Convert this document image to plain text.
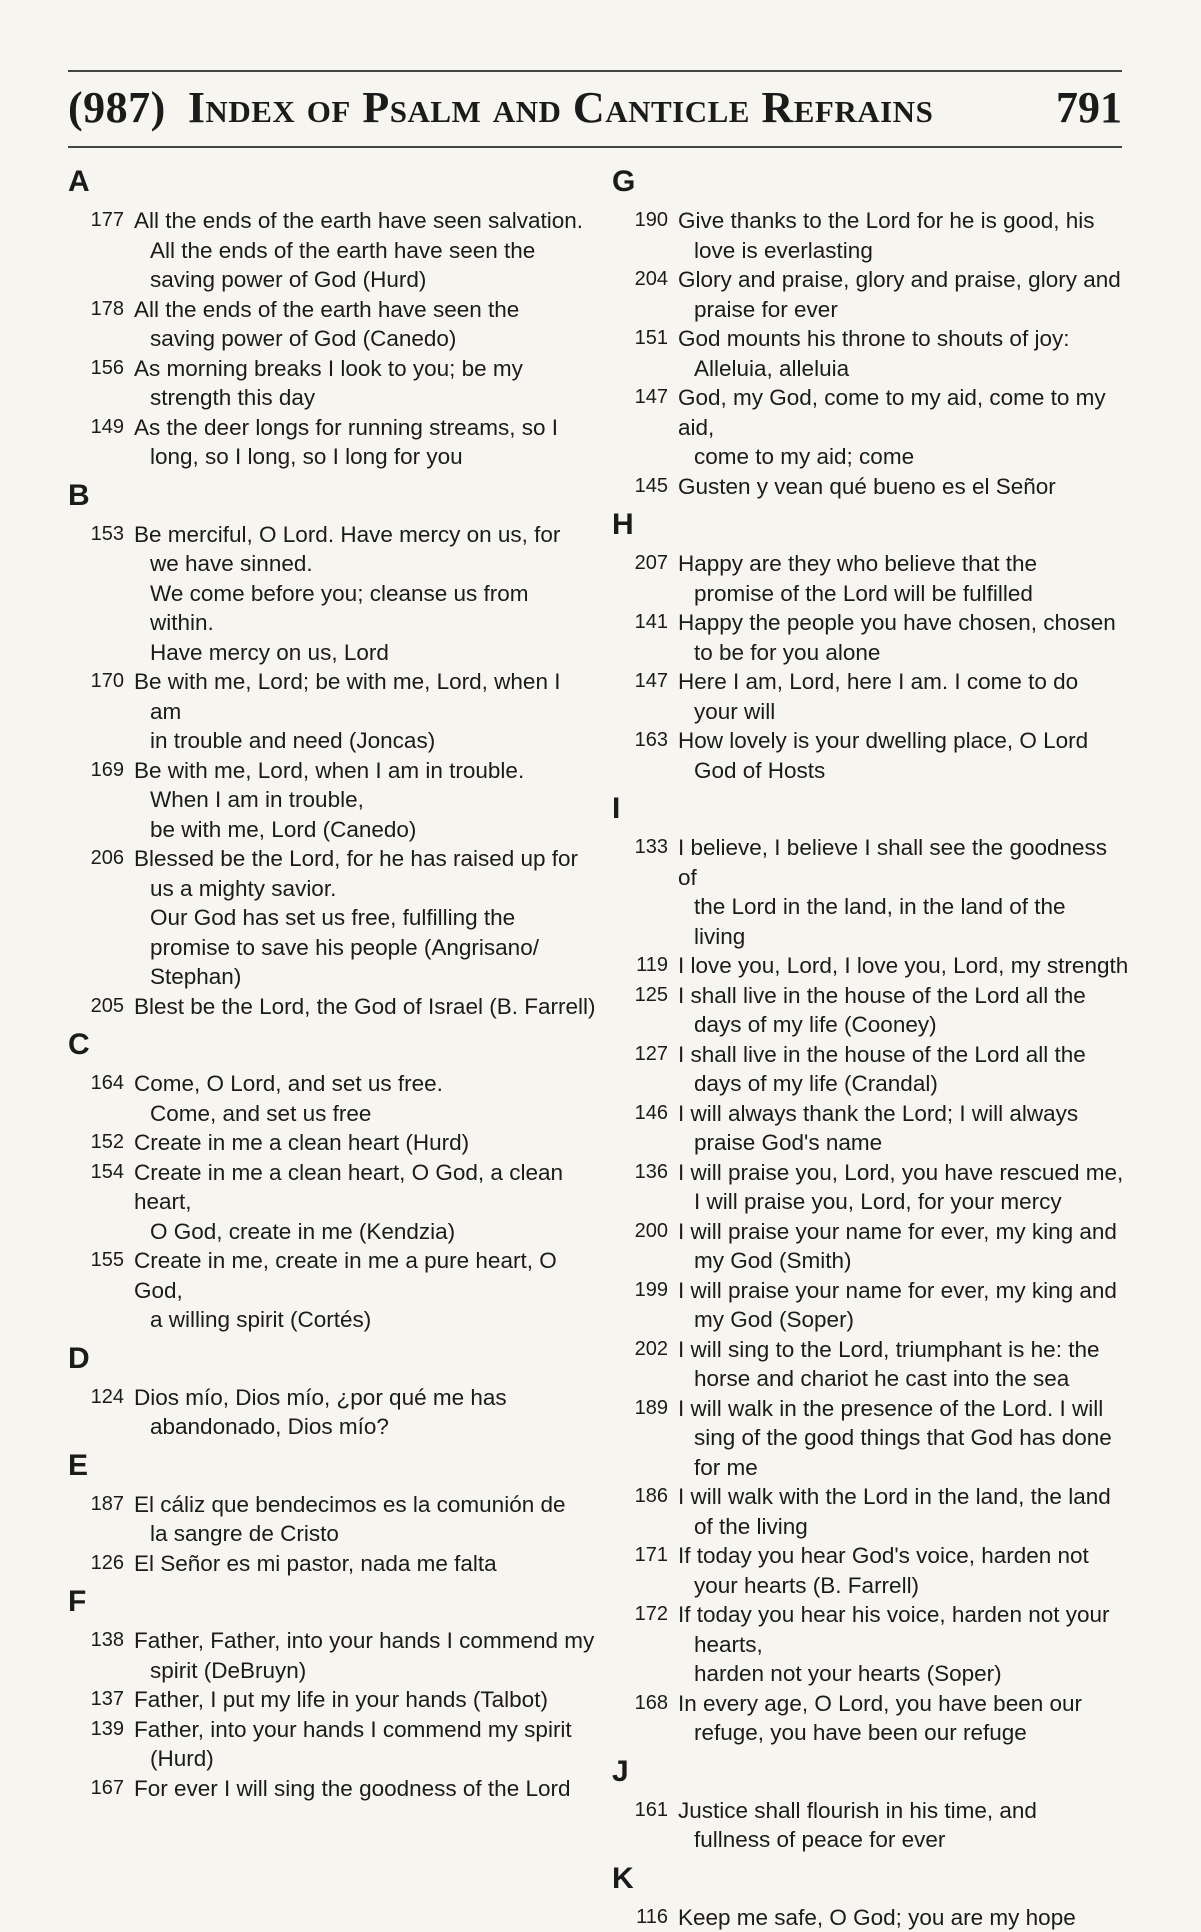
(987) Index of Psalm and Canticle Refrains	791
A
177 All the ends of the earth have seen salvation.
All the ends of the earth have seen the
saving power of God (Hurd)
178 All the ends of the earth have seen the
saving power of God (Canedo)
156 As morning breaks I look to you; be my
strength this day
149 As the deer longs for running streams, so I
long, so I long, so I long for you
B
153 Be merciful, O Lord. Have mercy on us, for
we have sinned.
We come before you; cleanse us from
within.
Have mercy on us, Lord
170 Be with me, Lord; be with me, Lord, when I
am
in trouble and need (Joncas)
169 Be with me, Lord, when I am in trouble.
When I am in trouble,
be with me, Lord (Canedo)
206 Blessed be the Lord, for he has raised up for
us a mighty savior.
Our God has set us free, fulfilling the
promise to save his people (Angrisano/
Stephan)
205 Blest be the Lord, the God of Israel (B. Farrell)
C
164 Come, O Lord, and set us free.
Come, and set us free
152 Create in me a clean heart (Hurd)
154 Create in me a clean heart, O God, a clean heart,
O God, create in me (Kendzia)
155 Create in me, create in me a pure heart, O God,
a willing spirit (Cortés)
D
124 Dios mío, Dios mío, ¿por qué me has
abandonado, Dios mío?
E
187 El cáliz que bendecimos es la comunión de
la sangre de Cristo
126 El Señor es mi pastor, nada me falta
F
138 Father, Father, into your hands I commend my
spirit (DeBruyn)
137 Father, I put my life in your hands (Talbot)
139 Father, into your hands I commend my spirit
(Hurd)
167 For ever I will sing the goodness of the Lord
G
190 Give thanks to the Lord for he is good, his
love is everlasting
204 Glory and praise, glory and praise, glory and
praise for ever
151 God mounts his throne to shouts of joy:
Alleluia, alleluia
147 God, my God, come to my aid, come to my aid,
come to my aid; come
145 Gusten y vean qué bueno es el Señor
H
207 Happy are they who believe that the
promise of the Lord will be fulfilled
141 Happy the people you have chosen, chosen
to be for you alone
147 Here I am, Lord, here I am. I come to do
your will
163 How lovely is your dwelling place, O Lord
God of Hosts
I
133 I believe, I believe I shall see the goodness of
the Lord in the land, in the land of the
living
119 I love you, Lord, I love you, Lord, my strength
125 I shall live in the house of the Lord all the
days of my life (Cooney)
127 I shall live in the house of the Lord all the
days of my life (Crandal)
146 I will always thank the Lord; I will always
praise God's name
136 I will praise you, Lord, you have rescued me,
I will praise you, Lord, for your mercy
200 I will praise your name for ever, my king and
my God (Smith)
199 I will praise your name for ever, my king and
my God (Soper)
202 I will sing to the Lord, triumphant is he: the
horse and chariot he cast into the sea
189 I will walk in the presence of the Lord. I will
sing of the good things that God has done
for me
186 I will walk with the Lord in the land, the land
of the living
171 If today you hear God's voice, harden not
your hearts (B. Farrell)
172 If today you hear his voice, harden not your
hearts,
harden not your hearts (Soper)
168 In every age, O Lord, you have been our
refuge, you have been our refuge
J
161 Justice shall flourish in his time, and
fullness of peace for ever
K
116 Keep me safe, O God; you are my hope
